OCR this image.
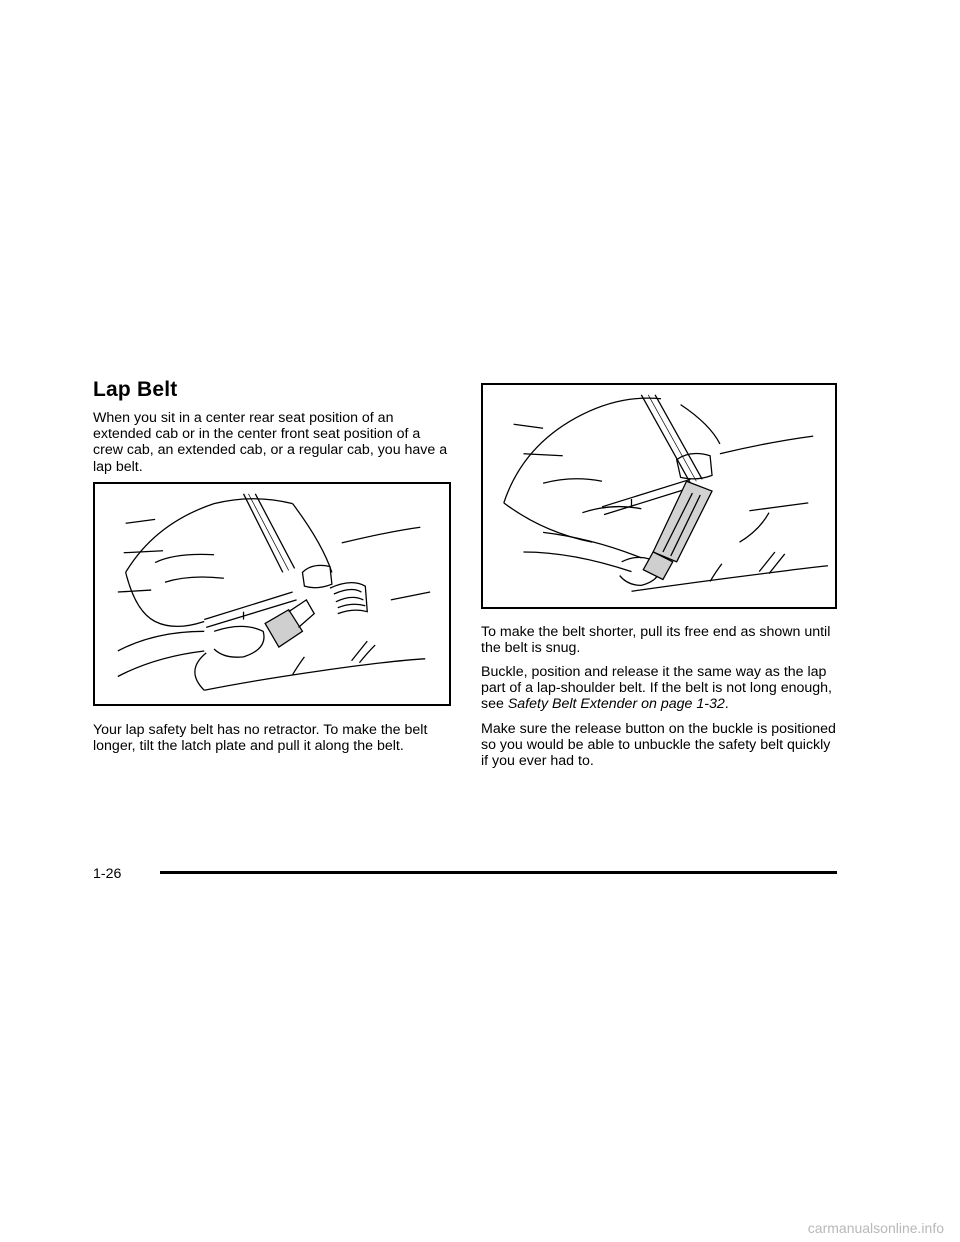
Lap Belt

When you sit in a center rear seat position of an extended cab or in the center front seat position of a crew cab, an extended cab, or a regular cab, you have a lap belt.

Your lap safety belt has no retractor. To make the belt longer, tilt the latch plate and pull it along the belt.

To make the belt shorter, pull its free end as shown until the belt is snug.

Buckle, position and release it the same way as the lap part of a lap-shoulder belt. If the belt is not long enough, see Safety Belt Extender on page 1-32.

Make sure the release button on the buckle is positioned so you would be able to unbuckle the safety belt quickly if you ever had to.

1-26
carmanualsonline.info
